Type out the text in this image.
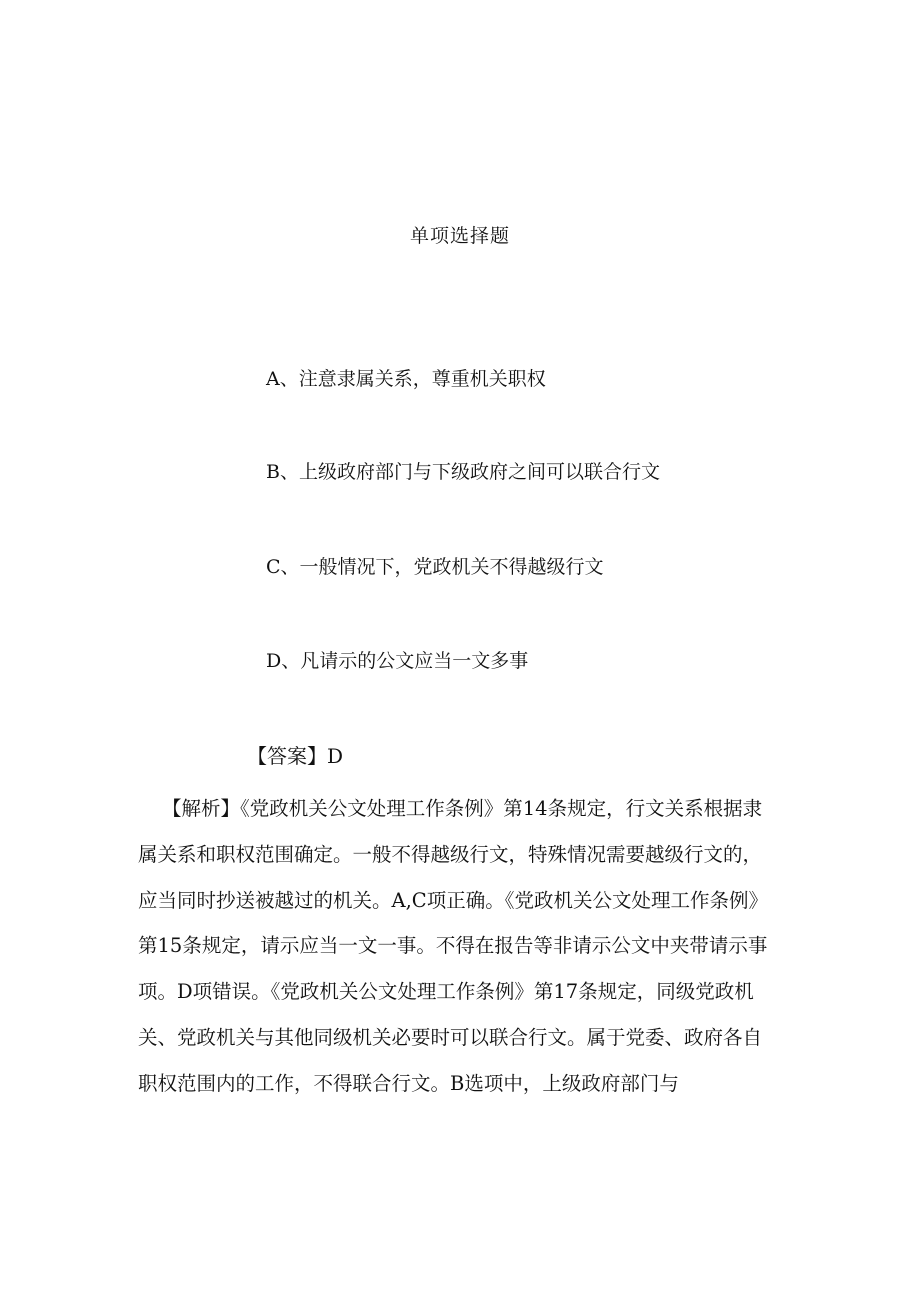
单项选择题
A、注意隶属关系，尊重机关职权
B、上级政府部门与下级政府之间可以联合行文
C、一般情况下，党政机关不得越级行文
D、凡请示的公文应当一文多事
【答案】D
【解析】《党政机关公文处理工作条例》第14条规定，行文关系根据隶
属关系和职权范围确定。一般不得越级行文，特殊情况需要越级行文的，
应当同时抄送被越过的机关。A,C项正确。《党政机关公文处理工作条例》
第15条规定，请示应当一文一事。不得在报告等非请示公文中夹带请示事
项。D项错误。《党政机关公文处理工作条例》第17条规定，同级党政机
关、党政机关与其他同级机关必要时可以联合行文。属于党委、政府各自
职权范围内的工作，不得联合行文。B选项中，上级政府部门与
